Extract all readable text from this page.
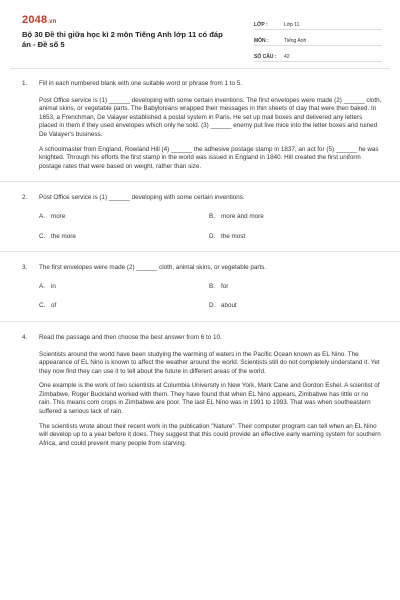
2048.vn
Bộ 30 Đề thi giữa học kì 2 môn Tiếng Anh lớp 11 có đáp án - Đề số 5
LỚP :	Lớp 11
MÔN :	Tiếng Anh
SỐ CÂU :	42
1. Fill in each numbered blank with one suitable word or phrase from 1 to 5.

Post Office service is (1) ______ developing with some certain inventions. The first envelopes were made (2) ______ cloth, animal skins, or vegetable parts. The Babylonians wrapped their messages in thin sheets of clay that were then baked. In 1653, a Frenchman, De Valayer established a postal system in Paris. He set up mail boxes and delivered any letters placed in them if they used envelopes which only he sold. (3) ______ enemy put live mice into the letter boxes and ruined De Valayer's business.

A schoolmaster from England, Rowland Hill (4) ______ the adhesive postage stamp in 1837, an act for (5) ______ he was knighted. Through his efforts the first stamp in the world was issued in England in 1840. Hill created the first uniform postage rates that were based on weight, rather than size.

2. Post Office service is (1) ______ developing with some certain inventions.
A. more	B. more and more
C. the more	D. the most
3. The first envelopes were made (2) ______ cloth, animal skins, or vegetable parts.
A. in	B. for
C. of	D. about
4. Read the passage and then choose the best answer from 6 to 10.

Scientists around the world have been studying the warming of waters in the Pacific Ocean known as EL Nino. The appearance of EL Nino is known to affect the weather around the world. Scientists still do not completely understand it. Yet they now find they can use it to tell about the future in different areas of the world.

One example is the work of two scientists at Columbia University in New York, Mark Cane and Gordon Eshel. A scientist of Zimbabwe, Roger Buckland worked with them. They have found that when EL Nino appears, Zimbabwe has little or no rain. This means corn crops in Zimbabwe are poor. The last EL Nino was in 1991 to 1993. That was when southeastern suffered a serious lack of rain.

The scientists wrote about their recent work in the publication "Nature". Their computer program can tell when an EL Nino will develop up to a year before it does. They suggest that this could provide an effective early warning system for southern Africa, and could prevent many people from starving.
